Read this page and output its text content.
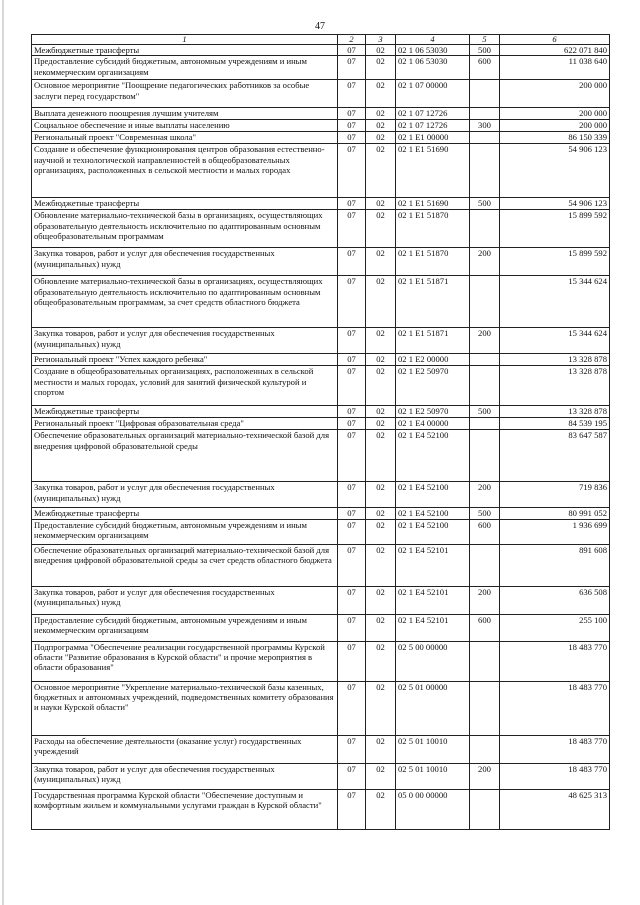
47
1	2	3	4	5	6
Межбюджетные трансферты	07	02	02 1 06 53030	500	622 071 840
Предоставление субсидий бюджетным, автономным учреждениям и иным некоммерческим организациям	07	02	02 1 06 53030	600	11 038 640
Основное мероприятие "Поощрение педагогических работников за особые заслуги перед государством"	07	02	02 1 07 00000		200 000
Выплата денежного поощрения лучшим учителям	07	02	02 1 07 12726		200 000
Социальное обеспечение и иные выплаты населению	07	02	02 1 07 12726	300	200 000
Региональный проект "Современная школа"	07	02	02 1 E1 00000		86 150 339
Создание и обеспечение функционирования центров образования естественно-научной и технологической направленностей в общеобразовательных организациях, расположенных в сельской местности и малых городах	07	02	02 1 E1 51690		54 906 123
Межбюджетные трансферты	07	02	02 1 E1 51690	500	54 906 123
Обновление материально-технической базы в организациях, осуществляющих образовательную деятельность исключительно по адаптированным основным общеобразовательным программам	07	02	02 1 E1 51870		15 899 592
Закупка товаров, работ и услуг для обеспечения государственных (муниципальных) нужд	07	02	02 1 E1 51870	200	15 899 592
Обновление материально-технической базы в организациях, осуществляющих образовательную деятельность исключительно по адаптированным основным общеобразовательным программам, за счет средств областного бюджета	07	02	02 1 E1 51871		15 344 624
Закупка товаров, работ и услуг для обеспечения государственных (муниципальных) нужд	07	02	02 1 E1 51871	200	15 344 624
Региональный проект "Успех каждого ребенка"	07	02	02 1 E2 00000		13 328 878
Создание в общеобразовательных организациях, расположенных в сельской местности и малых городах, условий для занятий физической культурой и спортом	07	02	02 1 E2 50970		13 328 878
Межбюджетные трансферты	07	02	02 1 E2 50970	500	13 328 878
Региональный проект "Цифровая образовательная среда"	07	02	02 1 E4 00000		84 539 195
Обеспечение образовательных организаций материально-технической базой для внедрения цифровой образовательной среды	07	02	02 1 E4 52100		83 647 587
Закупка товаров, работ и услуг для обеспечения государственных (муниципальных) нужд	07	02	02 1 E4 52100	200	719 836
Межбюджетные трансферты	07	02	02 1 E4 52100	500	80 991 052
Предоставление субсидий бюджетным, автономным учреждениям и иным некоммерческим организациям	07	02	02 1 E4 52100	600	1 936 699
Обеспечение образовательных организаций материально-технической базой для внедрения цифровой образовательной среды за счет средств областного бюджета	07	02	02 1 E4 52101		891 608
Закупка товаров, работ и услуг для обеспечения государственных (муниципальных) нужд	07	02	02 1 E4 52101	200	636 508
Предоставление субсидий бюджетным, автономным учреждениям и иным некоммерческим организациям	07	02	02 1 E4 52101	600	255 100
Подпрограмма "Обеспечение реализации государственной программы Курской области "Развитие образования в Курской области" и прочие мероприятия в области образования"	07	02	02 5 00 00000		18 483 770
Основное мероприятие "Укрепление материально-технической базы казенных, бюджетных и автономных учреждений, подведомственных комитету образования и науки Курской области"	07	02	02 5 01 00000		18 483 770
Расходы на обеспечение деятельности (оказание услуг) государственных учреждений	07	02	02 5 01 10010		18 483 770
Закупка товаров, работ и услуг для обеспечения государственных (муниципальных) нужд	07	02	02 5 01 10010	200	18 483 770
Государственная программа Курской области "Обеспечение доступным и комфортным жильем и коммунальными услугами граждан в Курской области"	07	02	05 0 00 00000		48 625 313
